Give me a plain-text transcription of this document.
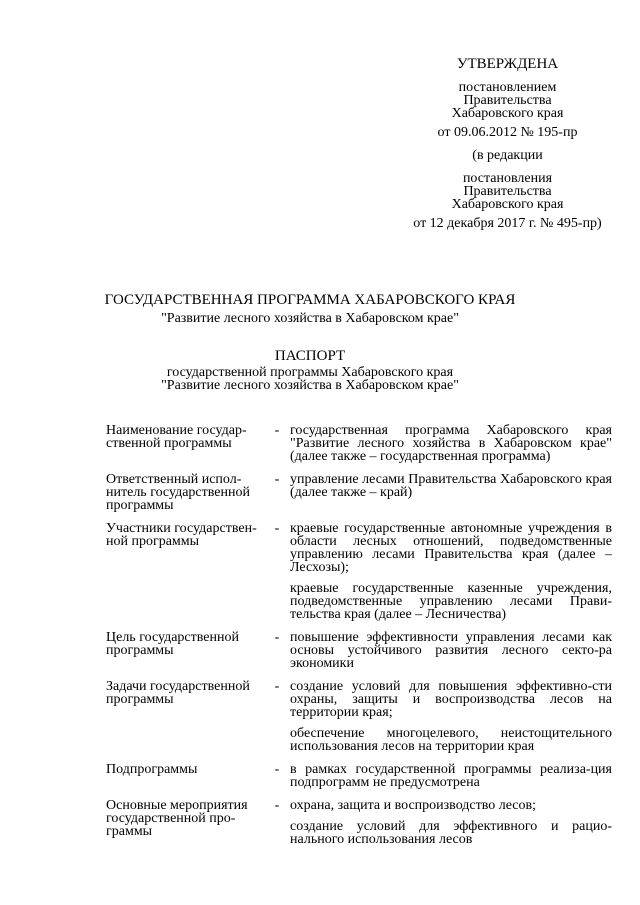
УТВЕРЖДЕНА
постановлением
Правительства
Хабаровского края
от 09.06.2012 № 195-пр
(в редакции
постановления
Правительства
Хабаровского края
от 12 декабря 2017 г. № 495-пр)
ГОСУДАРСТВЕННАЯ ПРОГРАММА ХАБАРОВСКОГО КРАЯ
"Развитие лесного хозяйства в Хабаровском крае"
ПАСПОРТ
государственной программы Хабаровского края
"Развитие лесного хозяйства в Хабаровском крае"
Наименование государ-ственной программы
- государственная программа Хабаровского края "Развитие лесного хозяйства в Хабаровском крае" (далее также – государственная программа)
Ответственный испол-нитель государственной программы
- управление лесами Правительства Хабаровского края (далее также – край)
Участники государствен-ной программы
- краевые государственные автономные учреждения в области лесных отношений, подведомственные управлению лесами Правительства края (далее – Лесхозы);
краевые государственные казенные учреждения, подведомственные управлению лесами Прави-тельства края (далее – Лесничества)
Цель государственной программы
- повышение эффективности управления лесами как основы устойчивого развития лесного секто-ра экономики
Задачи государственной программы
- создание условий для повышения эффективно-сти охраны, защиты и воспроизводства лесов на территории края;
обеспечение многоцелевого, неистощительного использования лесов на территории края
Подпрограммы	- в рамках государственной программы реализа-ция подпрограмм не предусмотрена
Основные мероприятия государственной про-граммы
- охрана, защита и воспроизводство лесов;
создание условий для эффективного и рацио-нального использования лесов
